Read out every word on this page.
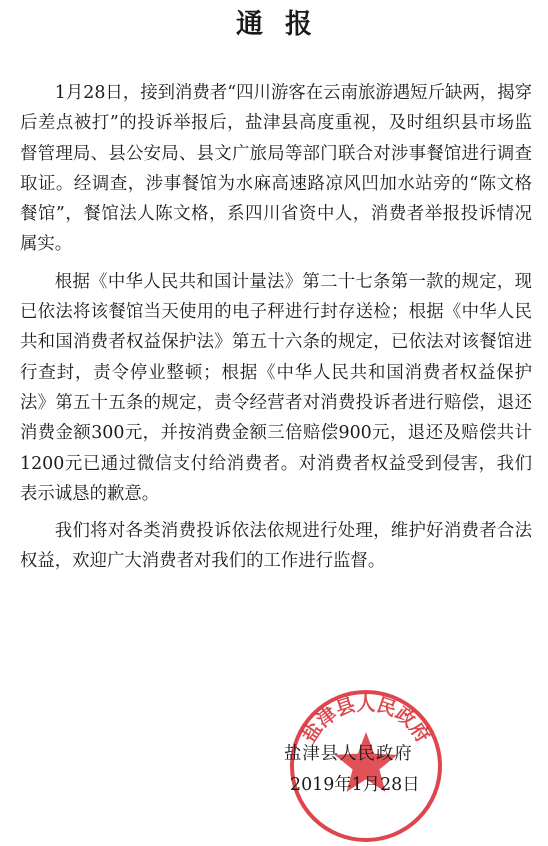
通报

1月28日，接到消费者“四川游客在云南旅游遇短斤缺两，揭穿后差点被打”的投诉举报后，盐津县高度重视，及时组织县市场监督管理局、县公安局、县文广旅局等部门联合对涉事餐馆进行调查取证。经调查，涉事餐馆为水麻高速路凉风凹加水站旁的“陈文格餐馆”，餐馆法人陈文格，系四川省资中人，消费者举报投诉情况属实。

根据《中华人民共和国计量法》第二十七条第一款的规定，现已依法将该餐馆当天使用的电子秤进行封存送检；根据《中华人民共和国消费者权益保护法》第五十六条的规定，已依法对该餐馆进行查封，责令停业整顿；根据《中华人民共和国消费者权益保护法》第五十五条的规定，责令经营者对消费投诉者进行赔偿，退还消费金额300元，并按消费金额三倍赔偿900元，退还及赔偿共计1200元已通过微信支付给消费者。对消费者权益受到侵害，我们表示诚恳的歉意。

我们将对各类消费投诉依法依规进行处理，维护好消费者合法权益，欢迎广大消费者对我们的工作进行监督。

盐津县人民政府
盐津县人民政府
2019年1月28日
